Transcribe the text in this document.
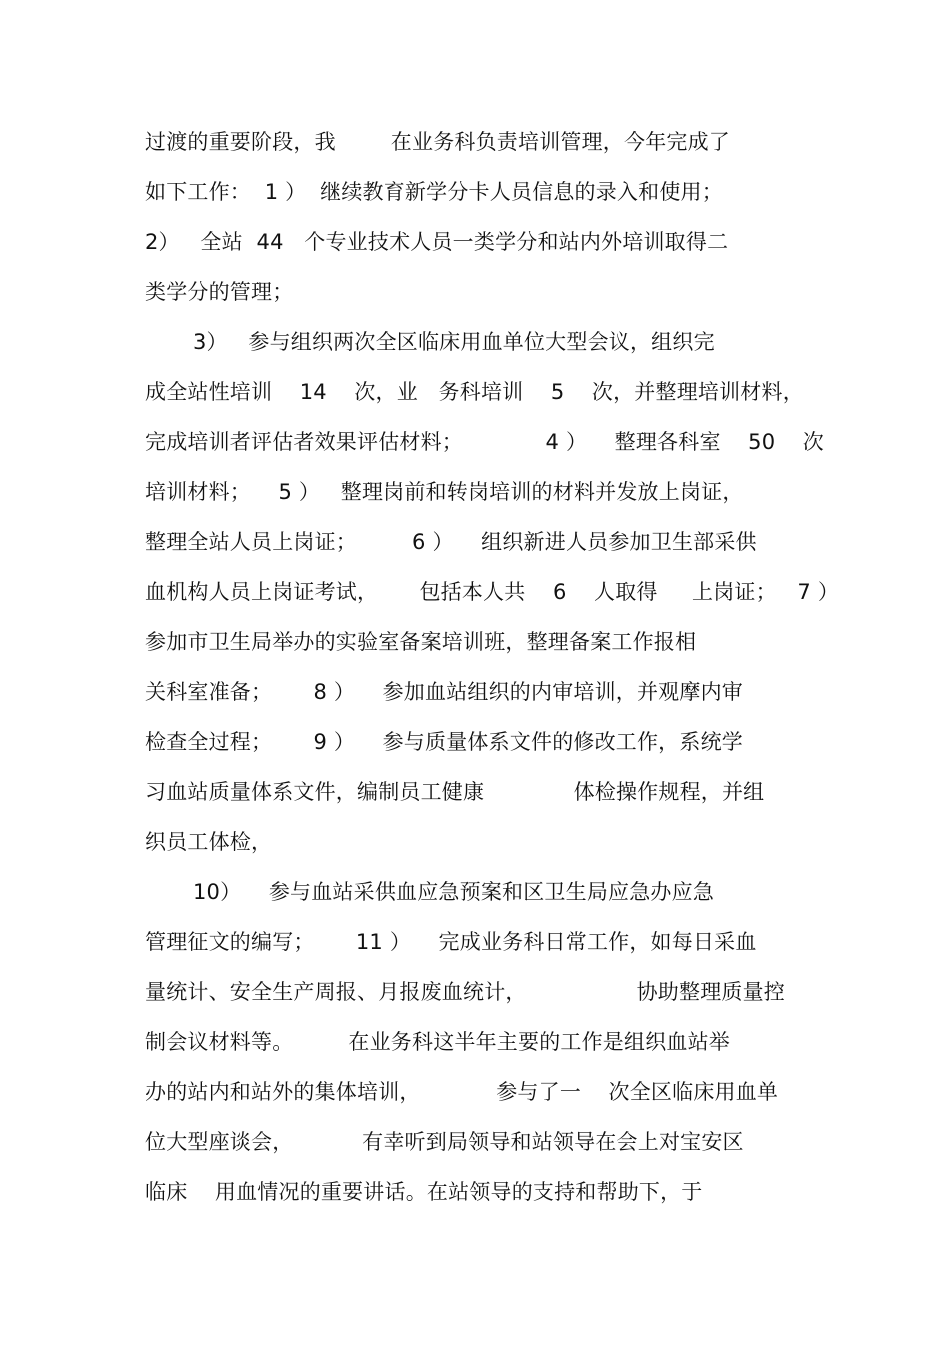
过渡的重要阶段，我        在业务科负责培训管理，今年完成了
如下工作：  1 ）  继续教育新学分卡人员信息的录入和使用；
2）   全站  44   个专业技术人员一类学分和站内外培训取得二
类学分的管理；
3）   参与组织两次全区临床用血单位大型会议，组织完
成全站性培训    14    次，业   务科培训    5    次，并整理培训材料，
完成培训者评估者效果评估材料；            4 ）    整理各科室    50    次
培训材料；    5 ）   整理岗前和转岗培训的材料并发放上岗证，
整理全站人员上岗证；        6 ）    组织新进人员参加卫生部采供
血机构人员上岗证考试，      包括本人共    6    人取得     上岗证；   7 ）
参加市卫生局举办的实验室备案培训班，整理备案工作报相
关科室准备；      8 ）    参加血站组织的内审培训，并观摩内审
检查全过程；      9 ）    参与质量体系文件的修改工作，系统学
习血站质量体系文件，编制员工健康             体检操作规程，并组
织员工体检，
10）    参与血站采供血应急预案和区卫生局应急办应急
管理征文的编写；      11 ）    完成业务科日常工作，如每日采血
量统计、安全生产周报、月报废血统计，                协助整理质量控
制会议材料等。        在业务科这半年主要的工作是组织血站举
办的站内和站外的集体培训，           参与了一    次全区临床用血单
位大型座谈会，          有幸听到局领导和站领导在会上对宝安区
临床    用血情况的重要讲话。在站领导的支持和帮助下，于
